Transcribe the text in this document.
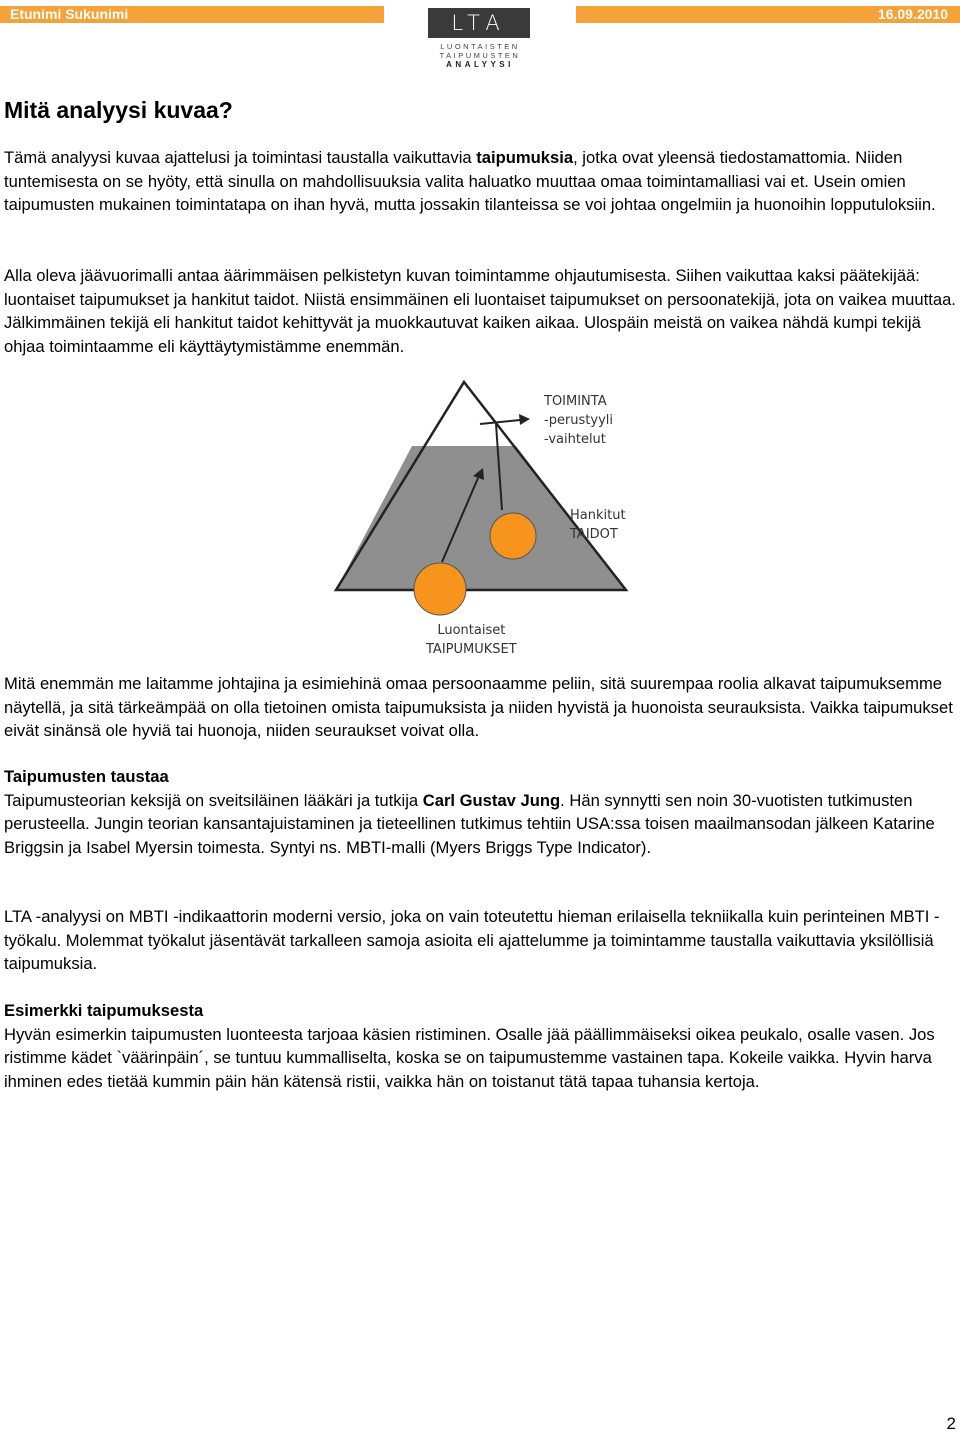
Etunimi Sukunimi	LTA
LUONTAISTEN
TAIPUMUSTEN
ANALYYSI
16.09.2010
Mitä analyysi kuvaa?

Tämä analyysi kuvaa ajattelusi ja toimintasi taustalla vaikuttavia taipumuksia, jotka ovat yleensä tiedostamattomia. Niiden tuntemisesta on se hyöty, että sinulla on mahdollisuuksia valita haluatko muuttaa omaa toimintamalliasi vai et. Usein omien taipumusten mukainen toimintatapa on ihan hyvä, mutta jossakin tilanteissa se voi johtaa ongelmiin ja huonoihin lopputuloksiin.

Alla oleva jäävuorimalli antaa äärimmäisen pelkistetyn kuvan toimintamme ohjautumisesta. Siihen vaikuttaa kaksi päätekijää: luontaiset taipumukset ja hankitut taidot. Niistä ensimmäinen eli luontaiset taipumukset on persoonatekijä, jota on vaikea muuttaa. Jälkimmäinen tekijä eli hankitut taidot kehittyvät ja muokkautuvat kaiken aikaa. Ulospäin meistä on vaikea nähdä kumpi tekijä ohjaa toimintaamme eli käyttäytymistämme enemmän.

TOIMINTA
-perustyyli
-vaihtelut
Hankitut
TAIDOT
Luontaiset
TAIPUMUKSET

Mitä enemmän me laitamme johtajina ja esimiehinä omaa persoonaamme peliin, sitä suurempaa roolia alkavat taipumuksemme näytellä, ja sitä tärkeämpää on olla tietoinen omista taipumuksista ja niiden hyvistä ja huonoista seurauksista. Vaikka taipumukset eivät sinänsä ole hyviä tai huonoja, niiden seuraukset voivat olla.

Taipumusten taustaa
Taipumusteorian keksijä on sveitsiläinen lääkäri ja tutkija Carl Gustav Jung. Hän synnytti sen noin 30-vuotisten tutkimusten perusteella. Jungin teorian kansantajuistaminen ja tieteellinen tutkimus tehtiin USA:ssa toisen maailmansodan jälkeen Katarine Briggsin ja Isabel Myersin toimesta. Syntyi ns. MBTI-malli (Myers Briggs Type Indicator).

LTA -analyysi on MBTI -indikaattorin moderni versio, joka on vain toteutettu hieman erilaisella tekniikalla kuin perinteinen MBTI -työkalu. Molemmat työkalut jäsentävät tarkalleen samoja asioita eli ajattelumme ja toimintamme taustalla vaikuttavia yksilöllisiä taipumuksia.

Esimerkki taipumuksesta
Hyvän esimerkin taipumusten luonteesta tarjoaa käsien ristiminen. Osalle jää päällimmäiseksi oikea peukalo, osalle vasen. Jos ristimme kädet `väärinpäin´, se tuntuu kummalliselta, koska se on taipumustemme vastainen tapa. Kokeile vaikka. Hyvin harva ihminen edes tietää kummin päin hän kätensä ristii, vaikka hän on toistanut tätä tapaa tuhansia kertoja.

2
